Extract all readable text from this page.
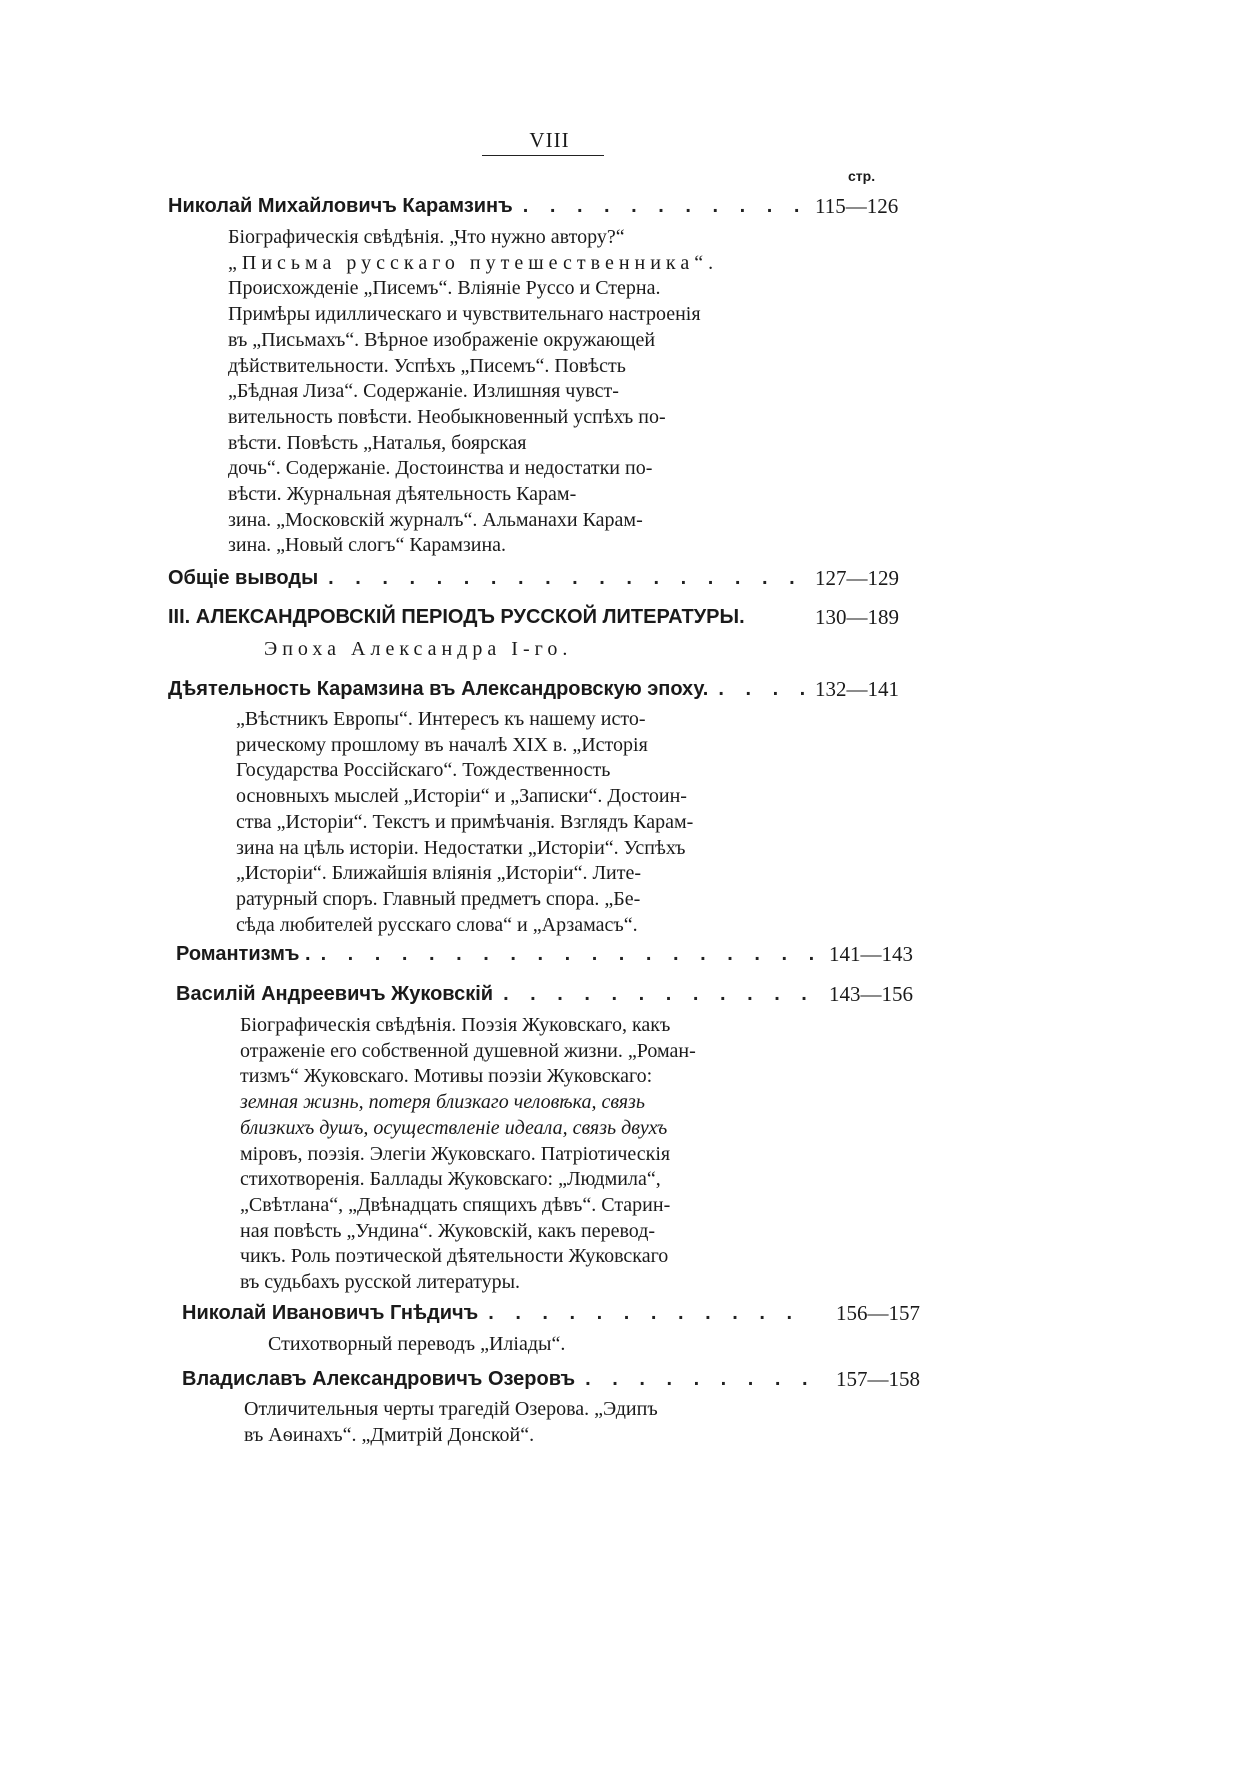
VIII
стр.
Николай Михайловичъ Карамзинъ . . .	115—126
Біографическія свѣдѣнія. „Что нужно автору?“
„Письма русскаго путешественника“.
Происхожденіе „Писемъ“. Вліяніе Руссо и Стерна.
Примѣры идиллическаго и чувствительнаго настроенія
въ „Письмахъ“. Вѣрное изображеніе окружающей
дѣйствительности. Успѣхъ „Писемъ“. Повѣсть
„Бѣдная Лиза“. Содержаніе. Излишняя чувст-
вительность повѣсти. Необыкновенный успѣхъ по-
вѣсти. Повѣсть „Наталья, боярская
дочь“. Содержаніе. Достоинства и недостатки по-
вѣсти. Журнальная дѣятельность Карам-
зина. „Московскій журналъ“. Альманахи Карам-
зина. „Новый слогъ“ Карамзина.
Общіе выводы . . .	127—129
III. АЛЕКСАНДРОВСКІЙ ПЕРІОДЪ РУССКОЙ ЛИТЕРАТУРЫ.	130—189
Эпоха Александра I-го.
Дѣятельность Карамзина въ Александровскую эпоху. . . .	132—141
„Вѣстникъ Европы“. Интересъ къ нашему исто-
рическому прошлому въ началѣ XIX в. „Исторія
Государства Россійскаго“. Тождественность
основныхъ мыслей „Исторіи“ и „Записки“. Достоин-
ства „Исторіи“. Текстъ и примѣчанія. Взглядъ Карам-
зина на цѣль исторіи. Недостатки „Исторіи“. Успѣхъ
„Исторіи“. Ближайшія вліянія „Исторіи“. Лите-
ратурный споръ. Главный предметъ спора. „Бе-
сѣда любителей русскаго слова“ и „Арзамасъ“.
Романтизмъ . . . .	141—143
Василій Андреевичъ Жуковскій . . .	143—156
Біографическія свѣдѣнія. Поэзія Жуковскаго, какъ
отраженіе его собственной душевной жизни. „Роман-
тизмъ“ Жуковскаго. Мотивы поэзіи Жуковскаго:
земная жизнь, потеря близкаго человѣка, связь
близкихъ душъ, осуществленіе идеала, связь двухъ
міровъ, поэзія. Элегіи Жуковскаго. Патріотическія
стихотворенія. Баллады Жуковскаго: „Людмила“,
„Свѣтлана“, „Двѣнадцать спящихъ дѣвъ“. Старин-
ная повѣсть „Ундина“. Жуковскій, какъ перевод-
чикъ. Роль поэтической дѣятельности Жуковскаго
въ судьбахъ русской литературы.
Николай Ивановичъ Гнѣдичъ . . .	156—157
Стихотворный переводъ „Иліады“.
Владиславъ Александровичъ Озеровъ . . .	157—158
Отличительныя черты трагедій Озерова. „Эдипъ
въ Аѳинахъ“. „Дмитрій Донской“.
